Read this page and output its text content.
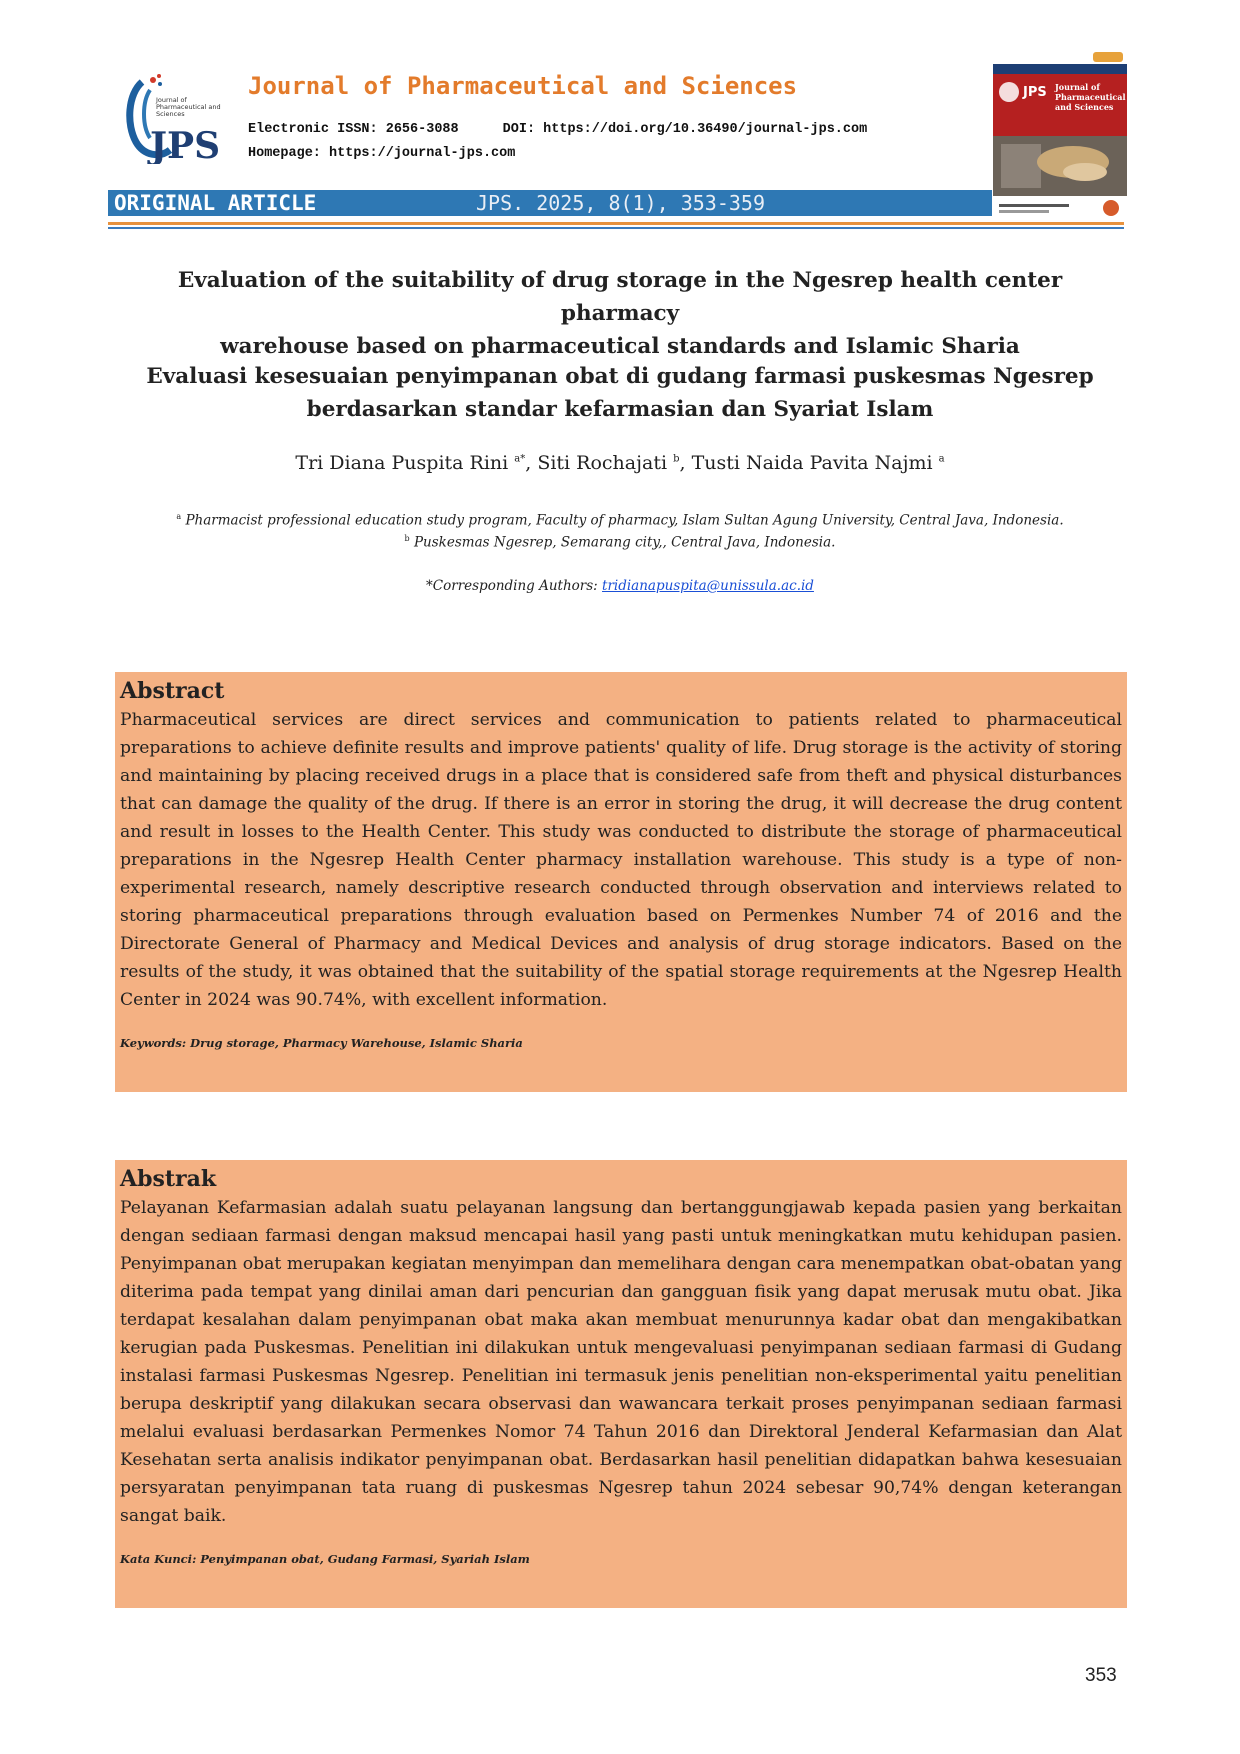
JPS
Journal of Pharmaceutical and Sciences
Journal of Pharmaceutical and Sciences
Electronic ISSN: 2656-3088	DOI: https://doi.org/10.36490/journal-jps.com
Homepage: https://journal-jps.com
JPS Journal of Pharmaceutical and Sciences
ORIGINAL ARTICLE	JPS. 2025, 8(1), 353-359
Evaluation of the suitability of drug storage in the Ngesrep health center pharmacy
warehouse based on pharmaceutical standards and Islamic Sharia
Evaluasi kesesuaian penyimpanan obat di gudang farmasi puskesmas Ngesrep
berdasarkan standar kefarmasian dan Syariat Islam
Tri Diana Puspita Rini $^{a*}$, Siti Rochajati $^b$, Tusti Naida Pavita Najmi $^a$
$^a$ Pharmacist professional education study program, Faculty of pharmacy, Islam Sultan Agung University, Central Java, Indonesia.
$^b$ Puskesmas Ngesrep, Semarang city,, Central Java, Indonesia.
*Corresponding Authors: tridianapuspita@unissula.ac.id
Abstract

Pharmaceutical services are direct services and communication to patients related to pharmaceutical preparations to achieve definite results and improve patients' quality of life. Drug storage is the activity of storing and maintaining by placing received drugs in a place that is considered safe from theft and physical disturbances that can damage the quality of the drug. If there is an error in storing the drug, it will decrease the drug content and result in losses to the Health Center. This study was conducted to distribute the storage of pharmaceutical preparations in the Ngesrep Health Center pharmacy installation warehouse. This study is a type of non-experimental research, namely descriptive research conducted through observation and interviews related to storing pharmaceutical preparations through evaluation based on Permenkes Number 74 of 2016 and the Directorate General of Pharmacy and Medical Devices and analysis of drug storage indicators. Based on the results of the study, it was obtained that the suitability of the spatial storage requirements at the Ngesrep Health Center in 2024 was 90.74%, with excellent information.

Keywords: Drug storage, Pharmacy Warehouse, Islamic Sharia

Abstrak

Pelayanan Kefarmasian adalah suatu pelayanan langsung dan bertanggungjawab kepada pasien yang berkaitan dengan sediaan farmasi dengan maksud mencapai hasil yang pasti untuk meningkatkan mutu kehidupan pasien. Penyimpanan obat merupakan kegiatan menyimpan dan memelihara dengan cara menempatkan obat-obatan yang diterima pada tempat yang dinilai aman dari pencurian dan gangguan fisik yang dapat merusak mutu obat. Jika terdapat kesalahan dalam penyimpanan obat maka akan membuat menurunnya kadar obat dan mengakibatkan kerugian pada Puskesmas. Penelitian ini dilakukan untuk mengevaluasi penyimpanan sediaan farmasi di Gudang instalasi farmasi Puskesmas Ngesrep. Penelitian ini termasuk jenis penelitian non-eksperimental yaitu penelitian berupa deskriptif yang dilakukan secara observasi dan wawancara terkait proses penyimpanan sediaan farmasi melalui evaluasi berdasarkan Permenkes Nomor 74 Tahun 2016 dan Direktoral Jenderal Kefarmasian dan Alat Kesehatan serta analisis indikator penyimpanan obat. Berdasarkan hasil penelitian didapatkan bahwa kesesuaian persyaratan penyimpanan tata ruang di puskesmas Ngesrep tahun 2024 sebesar 90,74% dengan keterangan sangat baik.

Kata Kunci: Penyimpanan obat, Gudang Farmasi, Syariah Islam

353
